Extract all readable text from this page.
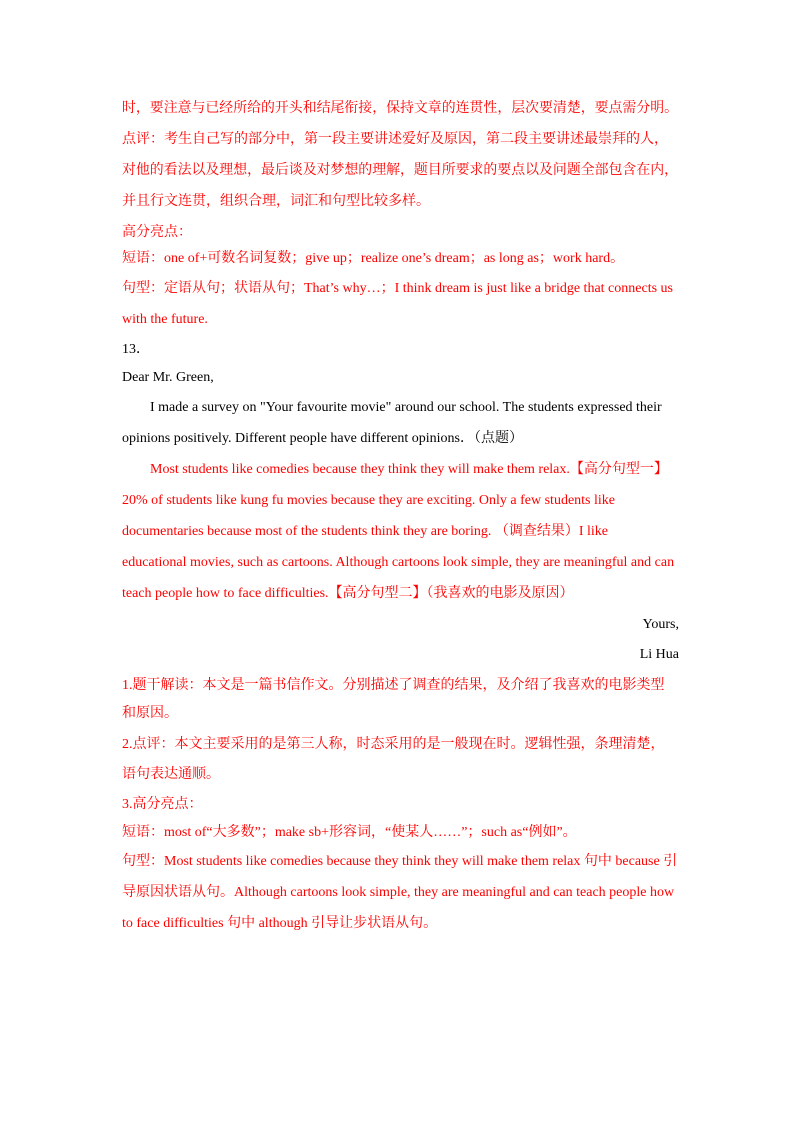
时，要注意与已经所给的开头和结尾衔接，保持文章的连贯性，层次要清楚，要点需分明。
点评：考生自己写的部分中，第一段主要讲述爱好及原因，第二段主要讲述最崇拜的人，
对他的看法以及理想，最后谈及对梦想的理解，题目所要求的要点以及问题全部包含在内，
并且行文连贯，组织合理，词汇和句型比较多样。
高分亮点：
短语：one of+可数名词复数；give up；realize one’s dream；as long as；work hard。
句型：定语从句；状语从句；That’s why…；I think dream is just like a bridge that connects us
with the future.
13．
Dear Mr. Green,
I made a survey on "Your favourite movie" around our school. The students expressed their
opinions positively. Different people have different opinions．（点题）
Most students like comedies because they think they will make them relax.【高分句型一】
20% of students like kung fu movies because they are exciting. Only a few students like
documentaries because most of the students think they are boring. （调查结果）I like
educational movies, such as cartoons. Although cartoons look simple, they are meaningful and can
teach people how to face difficulties.【高分句型二】（我喜欢的电影及原因）
Yours,
Li Hua
1.题干解读：本文是一篇书信作文。分别描述了调查的结果，及介绍了我喜欢的电影类型
和原因。
2.点评：本文主要采用的是第三人称，时态采用的是一般现在时。逻辑性强，条理清楚，
语句表达通顺。
3.高分亮点：
短语：most of“大多数”；make sb+形容词，“使某人……”；such as“例如”。
句型：Most students like comedies because they think they will make them relax 句中 because 引
导原因状语从句。Although cartoons look simple, they are meaningful and can teach people how
to face difficulties 句中 although 引导让步状语从句。
